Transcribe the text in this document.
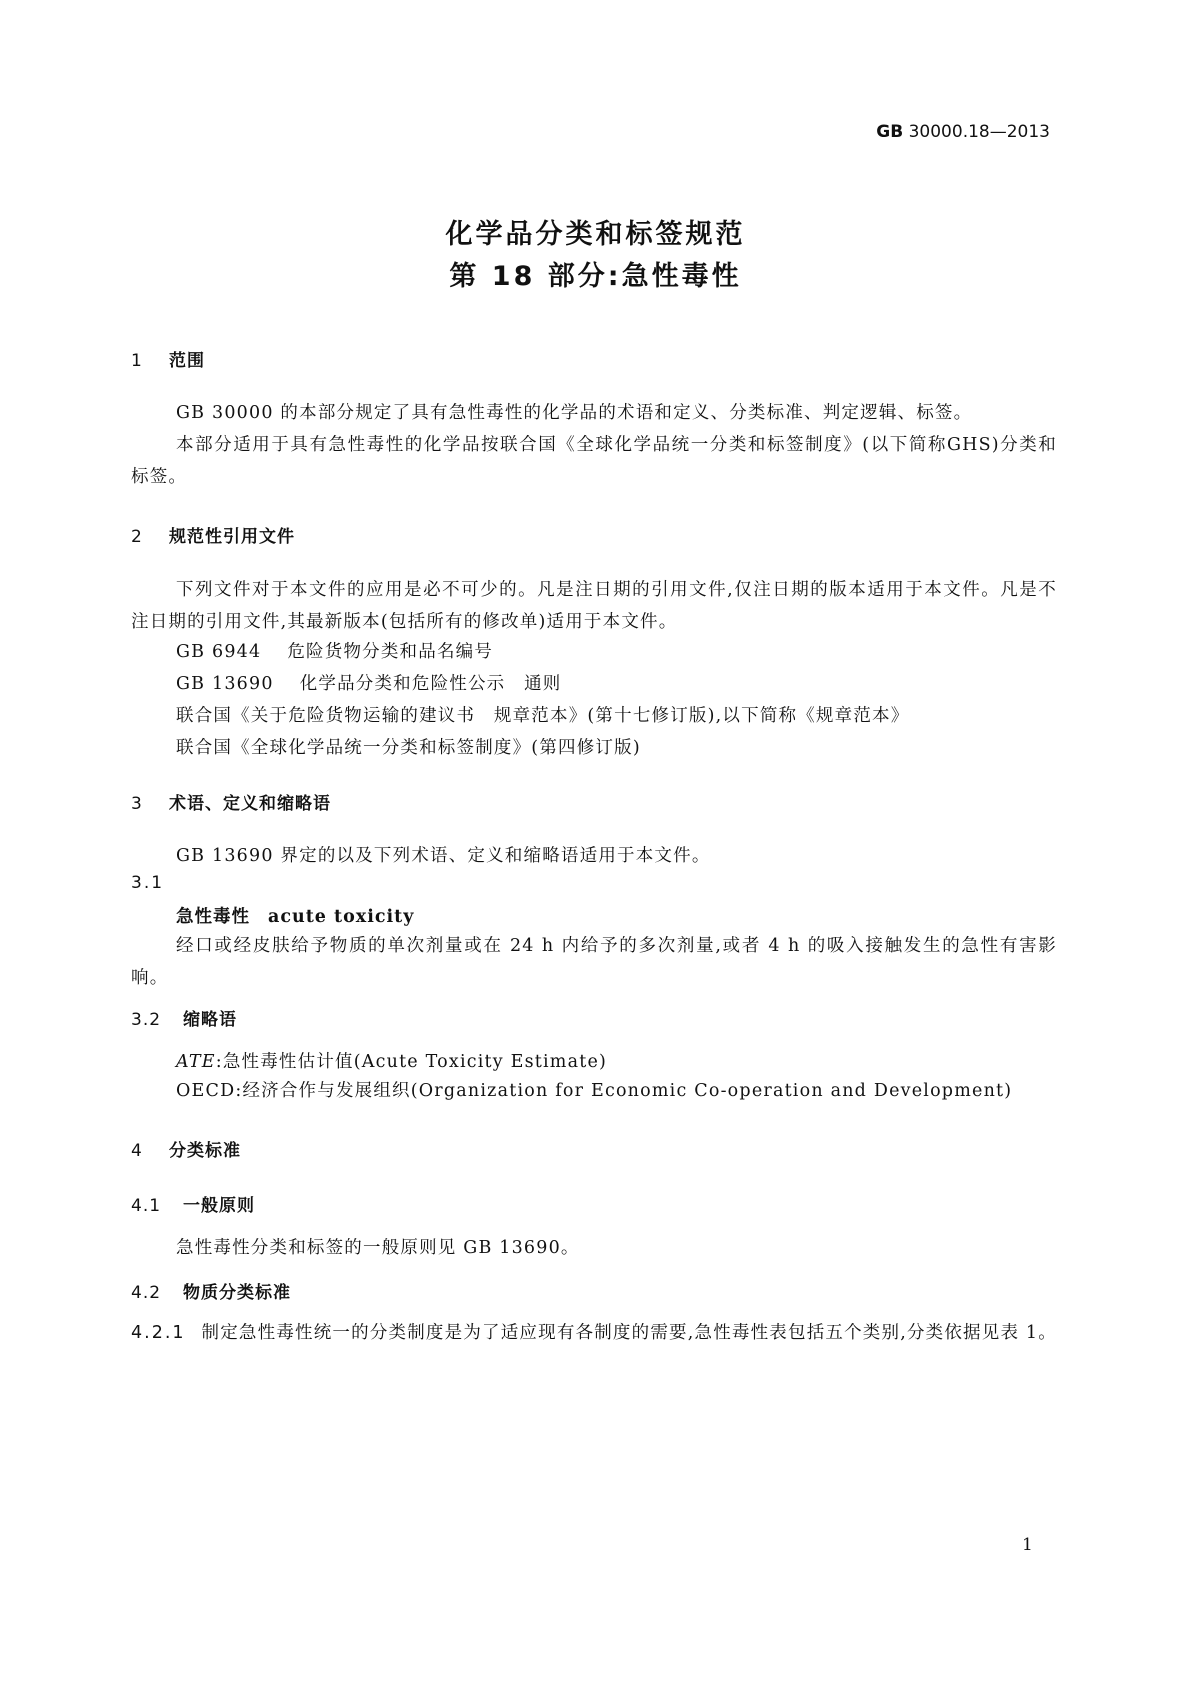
GB 30000.18—2013
化学品分类和标签规范
第 18 部分:急性毒性
1 范围
GB 30000 的本部分规定了具有急性毒性的化学品的术语和定义、分类标准、判定逻辑、标签。
本部分适用于具有急性毒性的化学品按联合国《全球化学品统一分类和标签制度》(以下简称GHS)分类和标签。
2 规范性引用文件
下列文件对于本文件的应用是必不可少的。凡是注日期的引用文件,仅注日期的版本适用于本文件。凡是不注日期的引用文件,其最新版本(包括所有的修改单)适用于本文件。
GB 6944 危险货物分类和品名编号
GB 13690 化学品分类和危险性公示　通则
联合国《关于危险货物运输的建议书　规章范本》(第十七修订版),以下简称《规章范本》
联合国《全球化学品统一分类和标签制度》(第四修订版)
3 术语、定义和缩略语
GB 13690 界定的以及下列术语、定义和缩略语适用于本文件。
3.1
急性毒性 acute toxicity
经口或经皮肤给予物质的单次剂量或在 24 h 内给予的多次剂量,或者 4 h 的吸入接触发生的急性有害影响。
3.2 缩略语
ATE:急性毒性估计值(Acute Toxicity Estimate)
OECD:经济合作与发展组织(Organization for Economic Co-operation and Development)
4 分类标准
4.1 一般原则
急性毒性分类和标签的一般原则见 GB 13690。
4.2 物质分类标准
4.2.1 制定急性毒性统一的分类制度是为了适应现有各制度的需要,急性毒性表包括五个类别,分类依据见表 1。
1
